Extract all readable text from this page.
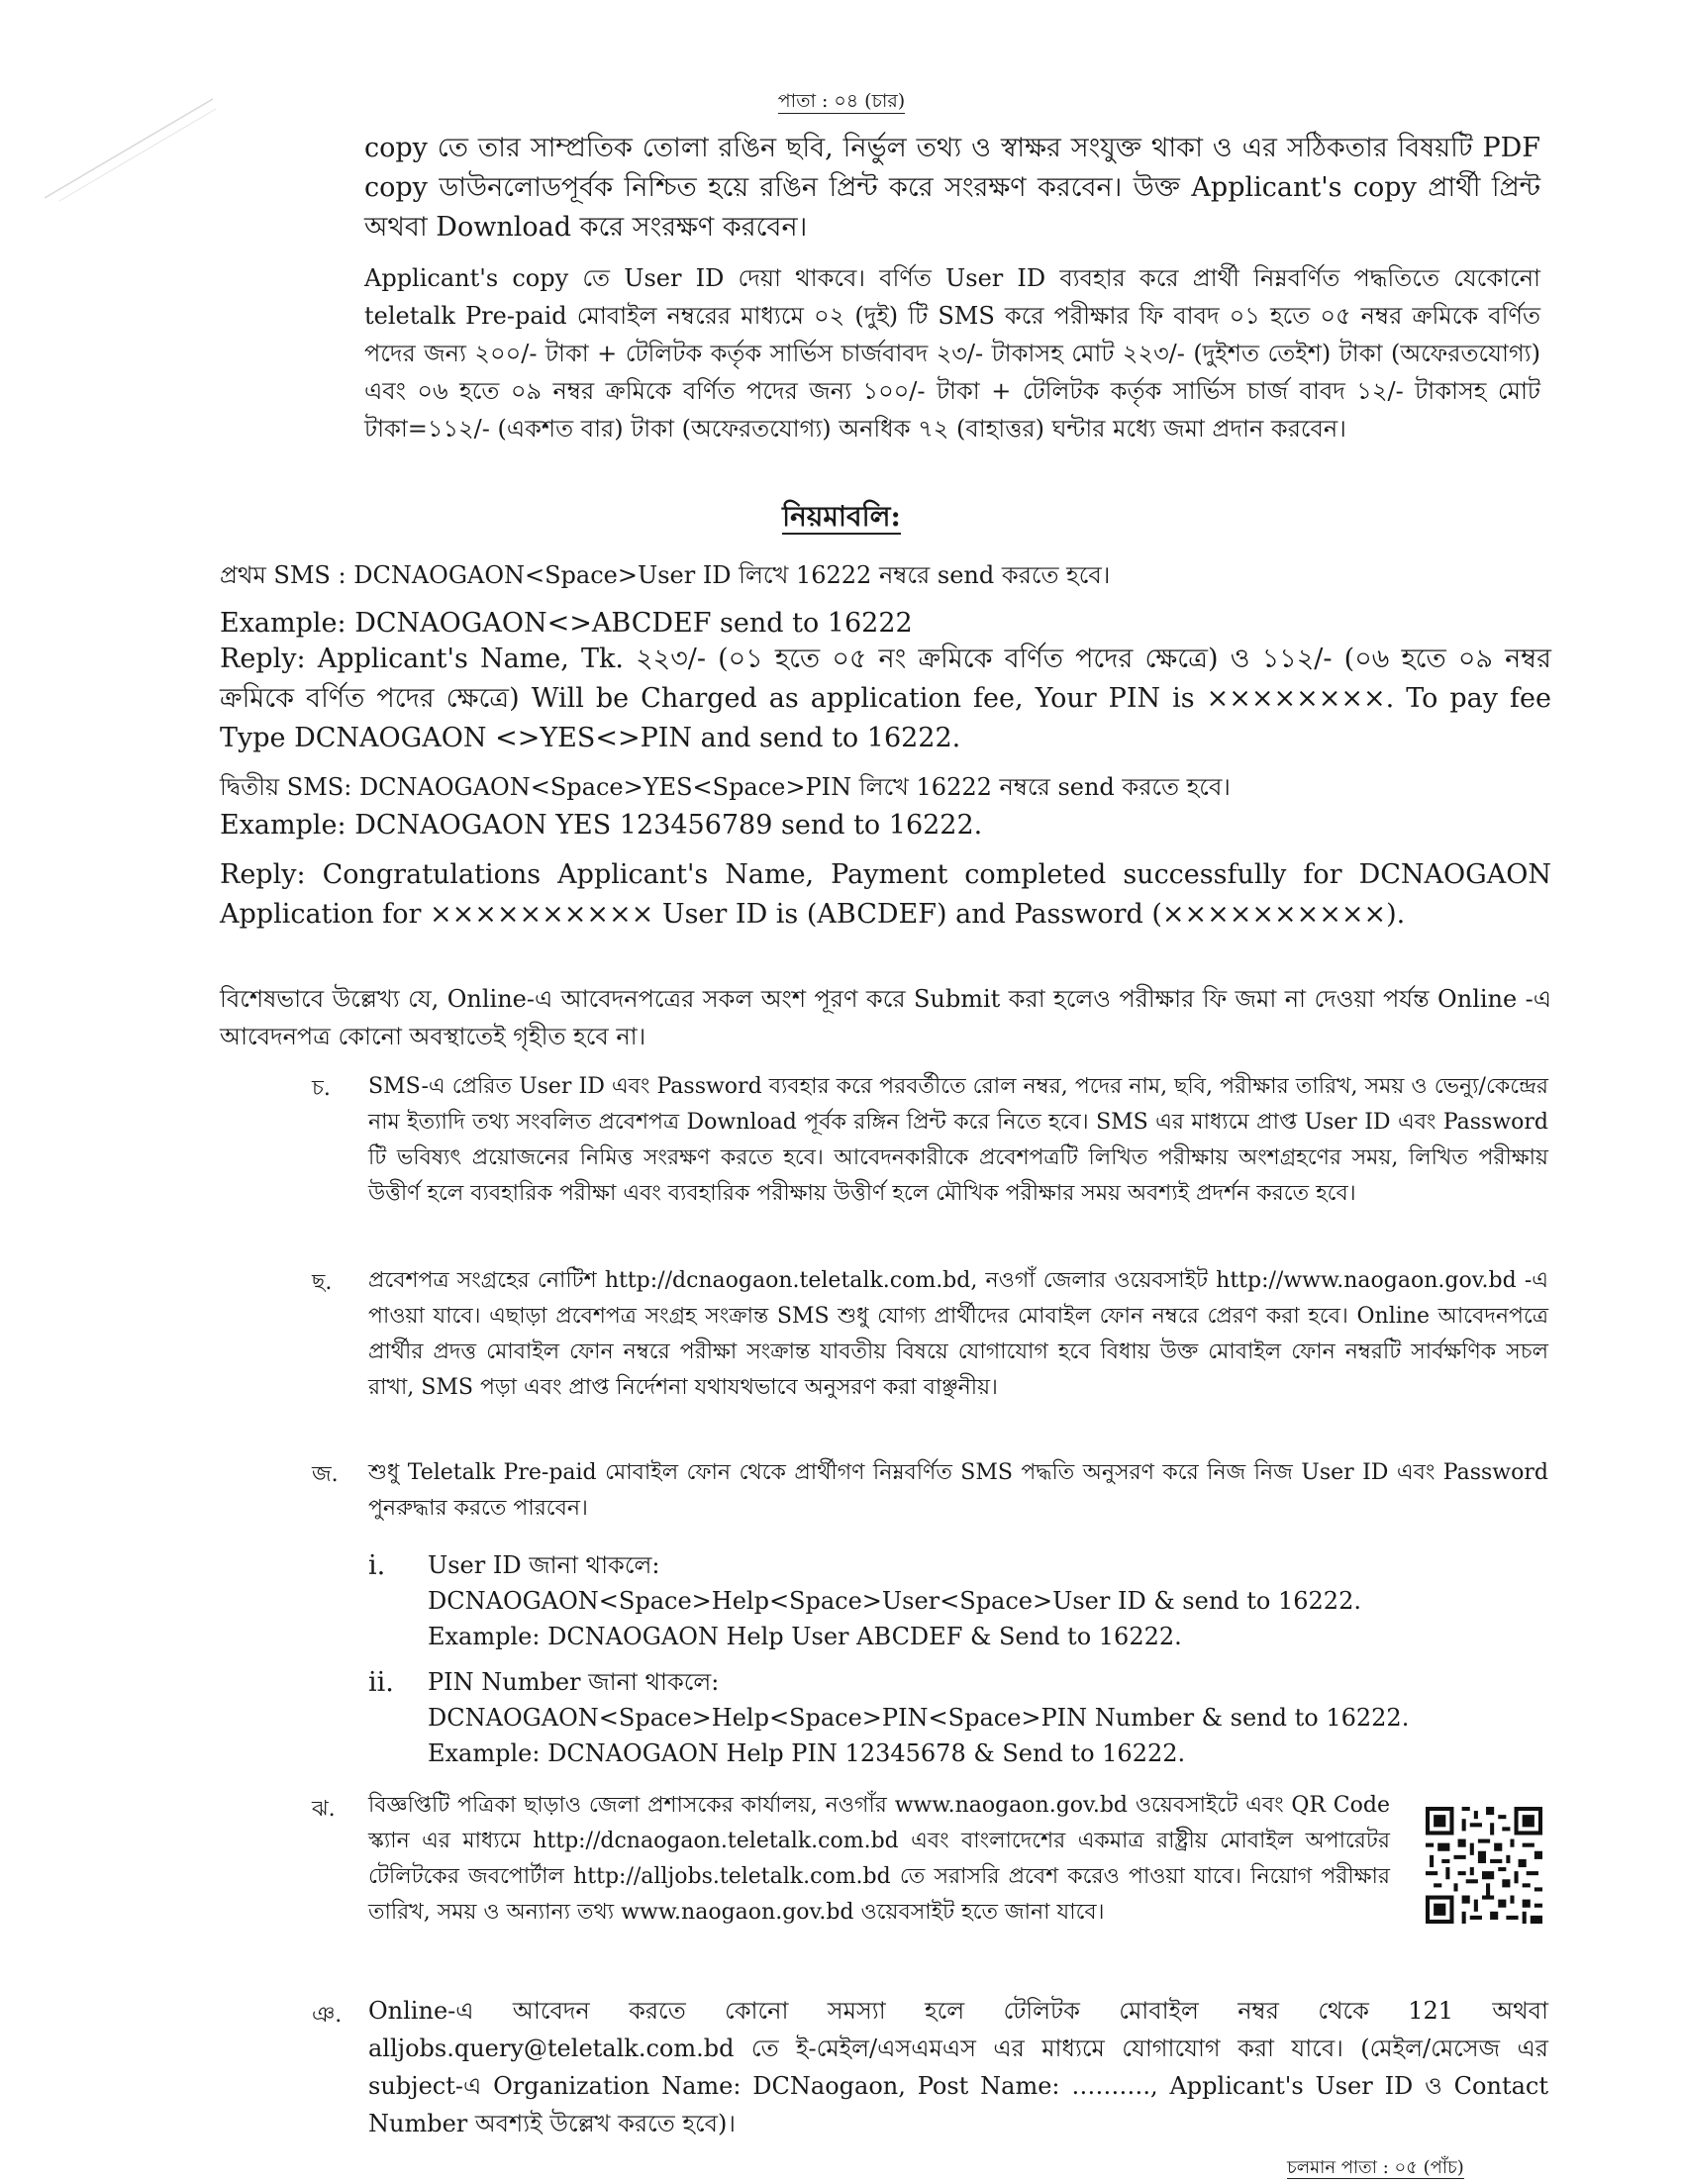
পাতা : ০৪ (চার)
copy তে তার সাম্প্রতিক তোলা রঙিন ছবি, নির্ভুল তথ্য ও স্বাক্ষর সংযুক্ত থাকা ও এর সঠিকতার বিষয়টি PDF copy ডাউনলোডপূর্বক নিশ্চিত হয়ে রঙিন প্রিন্ট করে সংরক্ষণ করবেন। উক্ত Applicant's copy প্রার্থী প্রিন্ট অথবা Download করে সংরক্ষণ করবেন।
Applicant's copy তে User ID দেয়া থাকবে। বর্ণিত User ID ব্যবহার করে প্রার্থী নিম্নবর্ণিত পদ্ধতিতে যেকোনো teletalk Pre-paid মোবাইল নম্বরের মাধ্যমে ০২ (দুই) টি SMS করে পরীক্ষার ফি বাবদ ০১ হতে ০৫ নম্বর ক্রমিকে বর্ণিত পদের জন্য ২০০/- টাকা + টেলিটক কর্তৃক সার্ভিস চার্জবাবদ ২৩/- টাকাসহ মোট ২২৩/- (দুইশত তেইশ) টাকা (অফেরতযোগ্য) এবং ০৬ হতে ০৯ নম্বর ক্রমিকে বর্ণিত পদের জন্য ১০০/- টাকা + টেলিটক কর্তৃক সার্ভিস চার্জ বাবদ ১২/- টাকাসহ মোট টাকা=১১২/- (একশত বার) টাকা (অফেরতযোগ্য) অনধিক ৭২ (বাহাত্তর) ঘন্টার মধ্যে জমা প্রদান করবেন।
নিয়মাবলি:
প্রথম SMS : DCNAOGAON<Space>User ID লিখে 16222 নম্বরে send করতে হবে।
Example: DCNAOGAON<>ABCDEF send to 16222
Reply: Applicant's Name, Tk. ২২৩/- (০১ হতে ০৫ নং ক্রমিকে বর্ণিত পদের ক্ষেত্রে) ও ১১২/- (০৬ হতে ০৯ নম্বর ক্রমিকে বর্ণিত পদের ক্ষেত্রে) Will be Charged as application fee, Your PIN is ××××××××. To pay fee Type DCNAOGAON <>YES<>PIN and send to 16222.
দ্বিতীয় SMS: DCNAOGAON<Space>YES<Space>PIN লিখে 16222 নম্বরে send করতে হবে।
Example: DCNAOGAON YES 123456789 send to 16222.
Reply: Congratulations Applicant's Name, Payment completed successfully for DCNAOGAON Application for ×××××××××× User ID is (ABCDEF) and Password (××××××××××).
বিশেষভাবে উল্লেখ্য যে, Online-এ আবেদনপত্রের সকল অংশ পূরণ করে Submit করা হলেও পরীক্ষার ফি জমা না দেওয়া পর্যন্ত Online -এ আবেদনপত্র কোনো অবস্থাতেই গৃহীত হবে না।
চ. SMS-এ প্রেরিত User ID এবং Password ব্যবহার করে পরবর্তীতে রোল নম্বর, পদের নাম, ছবি, পরীক্ষার তারিখ, সময় ও ভেন্যু/কেন্দ্রের নাম ইত্যাদি তথ্য সংবলিত প্রবেশপত্র Download পূর্বক রঙ্গিন প্রিন্ট করে নিতে হবে। SMS এর মাধ্যমে প্রাপ্ত User ID এবং Password টি ভবিষ্যৎ প্রয়োজনের নিমিত্ত সংরক্ষণ করতে হবে। আবেদনকারীকে প্রবেশপত্রটি লিখিত পরীক্ষায় অংশগ্রহণের সময়, লিখিত পরীক্ষায় উত্তীর্ণ হলে ব্যবহারিক পরীক্ষা এবং ব্যবহারিক পরীক্ষায় উত্তীর্ণ হলে মৌখিক পরীক্ষার সময় অবশ্যই প্রদর্শন করতে হবে।
ছ. প্রবেশপত্র সংগ্রহের নোটিশ http://dcnaogaon.teletalk.com.bd, নওগাঁ জেলার ওয়েবসাইট http://www.naogaon.gov.bd -এ পাওয়া যাবে। এছাড়া প্রবেশপত্র সংগ্রহ সংক্রান্ত SMS শুধু যোগ্য প্রার্থীদের মোবাইল ফোন নম্বরে প্রেরণ করা হবে। Online আবেদনপত্রে প্রার্থীর প্রদত্ত মোবাইল ফোন নম্বরে পরীক্ষা সংক্রান্ত যাবতীয় বিষয়ে যোগাযোগ হবে বিধায় উক্ত মোবাইল ফোন নম্বরটি সার্বক্ষণিক সচল রাখা, SMS পড়া এবং প্রাপ্ত নির্দেশনা যথাযথভাবে অনুসরণ করা বাঞ্ছনীয়।
জ. শুধু Teletalk Pre-paid মোবাইল ফোন থেকে প্রার্থীগণ নিম্নবর্ণিত SMS পদ্ধতি অনুসরণ করে নিজ নিজ User ID এবং Password পুনরুদ্ধার করতে পারবেন।
i. User ID জানা থাকলে:
DCNAOGAON<Space>Help<Space>User<Space>User ID & send to 16222.
Example: DCNAOGAON Help User ABCDEF & Send to 16222.
ii. PIN Number জানা থাকলে:
DCNAOGAON<Space>Help<Space>PIN<Space>PIN Number & send to 16222.
Example: DCNAOGAON Help PIN 12345678 & Send to 16222.
ঝ. বিজ্ঞপ্তিটি পত্রিকা ছাড়াও জেলা প্রশাসকের কার্যালয়, নওগাঁর www.naogaon.gov.bd ওয়েবসাইটে এবং QR Code স্ক্যান এর মাধ্যমে http://dcnaogaon.teletalk.com.bd এবং বাংলাদেশের একমাত্র রাষ্ট্রীয় মোবাইল অপারেটর টেলিটকের জবপোর্টাল http://alljobs.teletalk.com.bd তে সরাসরি প্রবেশ করেও পাওয়া যাবে। নিয়োগ পরীক্ষার তারিখ, সময় ও অন্যান্য তথ্য www.naogaon.gov.bd ওয়েবসাইট হতে জানা যাবে।
ঞ. Online-এ আবেদন করতে কোনো সমস্যা হলে টেলিটক মোবাইল নম্বর থেকে 121 অথবা alljobs.query@teletalk.com.bd তে ই-মেইল/এসএমএস এর মাধ্যমে যোগাযোগ করা যাবে। (মেইল/মেসেজ এর subject-এ Organization Name: DCNaogaon, Post Name: ………., Applicant's User ID ও Contact Number অবশ্যই উল্লেখ করতে হবে)।
চলমান পাতা : ০৫ (পাঁচ)
